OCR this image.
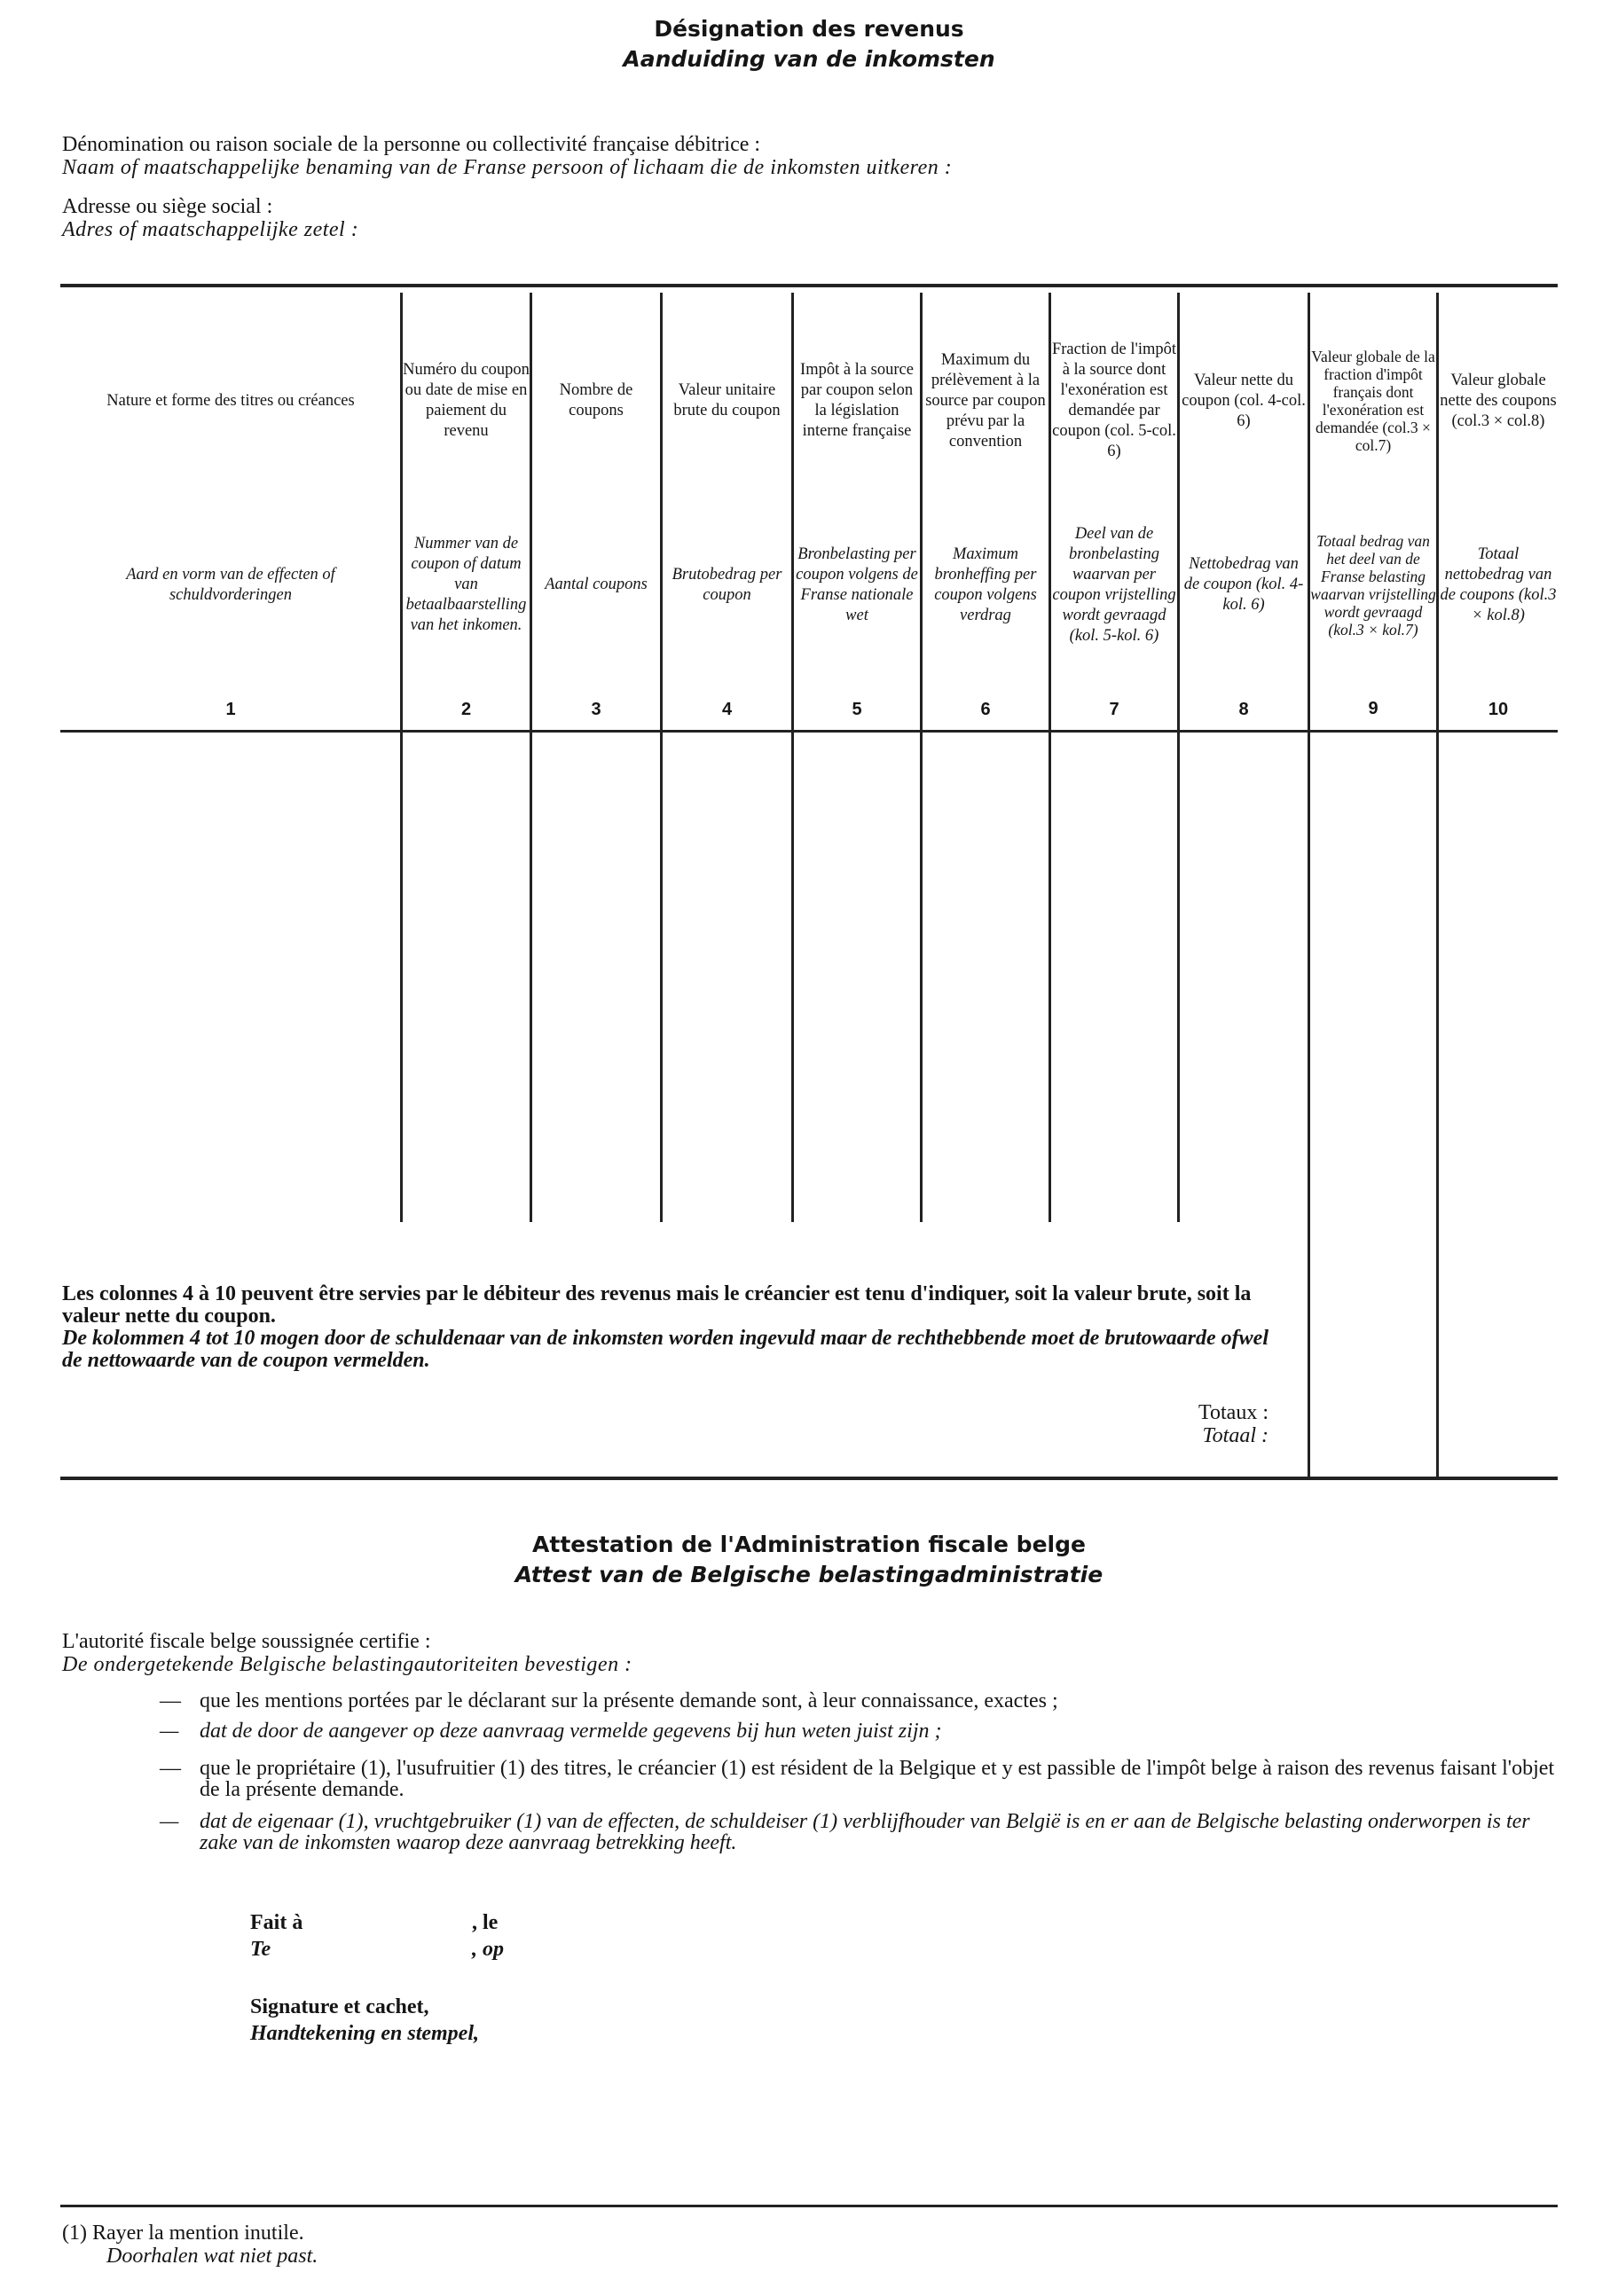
Désignation des revenus
Aanduiding van de inkomsten
Dénomination ou raison sociale de la personne ou collectivité française débitrice :
Naam of maatschappelijke benaming van de Franse persoon of lichaam die de inkomsten uitkeren :
Adresse ou siège social :
Adres of maatschappelijke zetel :
Nature et forme des titres ou créances
Aard en vorm van de effecten of schuldvorderingen
1
Numéro du coupon ou date de mise en paiement du revenu
Nummer van de coupon of datum van betaalbaarstelling van het inkomen.
2
Nombre de coupons
Aantal coupons
3
Valeur unitaire brute du coupon
Brutobedrag per coupon
4
Impôt à la source par coupon selon la législation interne française
Bronbelasting per coupon volgens de Franse nationale wet
5
Maximum du prélèvement à la source par coupon prévu par la convention
Maximum bronheffing per coupon volgens verdrag
6
Fraction de l'impôt à la source dont l'exonération est demandée par coupon (col. 5-col. 6)
Deel van de bronbelasting waarvan per coupon vrijstelling wordt gevraagd (kol. 5-kol. 6)
7
Valeur nette du coupon (col. 4-col. 6)
Nettobedrag van de coupon (kol. 4-kol. 6)
8
Valeur globale de la fraction d'impôt français dont l'exonération est demandée (col.3 × col.7)
Totaal bedrag van het deel van de Franse belasting waarvan vrijstelling wordt gevraagd (kol.3 × kol.7)
9
Valeur globale nette des coupons (col.3 × col.8)
Totaal nettobedrag van de coupons (kol.3 × kol.8)
10
Les colonnes 4 à 10 peuvent être servies par le débiteur des revenus mais le créancier est tenu d'indiquer, soit la valeur brute, soit la valeur nette du coupon.
De kolommen 4 tot 10 mogen door de schuldenaar van de inkomsten worden ingevuld maar de rechthebbende moet de brutowaarde ofwel de nettowaarde van de coupon vermelden.
Totaux :
Totaal :
Attestation de l'Administration fiscale belge
Attest van de Belgische belastingadministratie
L'autorité fiscale belge soussignée certifie :
De ondergetekende Belgische belastingautoriteiten bevestigen :
— que les mentions portées par le déclarant sur la présente demande sont, à leur connaissance, exactes ;
— dat de door de aangever op deze aanvraag vermelde gegevens bij hun weten juist zijn ;
— que le propriétaire (1), l'usufruitier (1) des titres, le créancier (1) est résident de la Belgique et y est passible de l'impôt belge à raison des revenus faisant l'objet de la présente demande.
— dat de eigenaar (1), vruchtgebruiker (1) van de effecten, de schuldeiser (1) verblijfhouder van België is en er aan de Belgische belasting onderworpen is ter zake van de inkomsten waarop deze aanvraag betrekking heeft.
Fait à	, le
Te	, op
Signature et cachet,
Handtekening en stempel,
(1) Rayer la mention inutile.
Doorhalen wat niet past.
